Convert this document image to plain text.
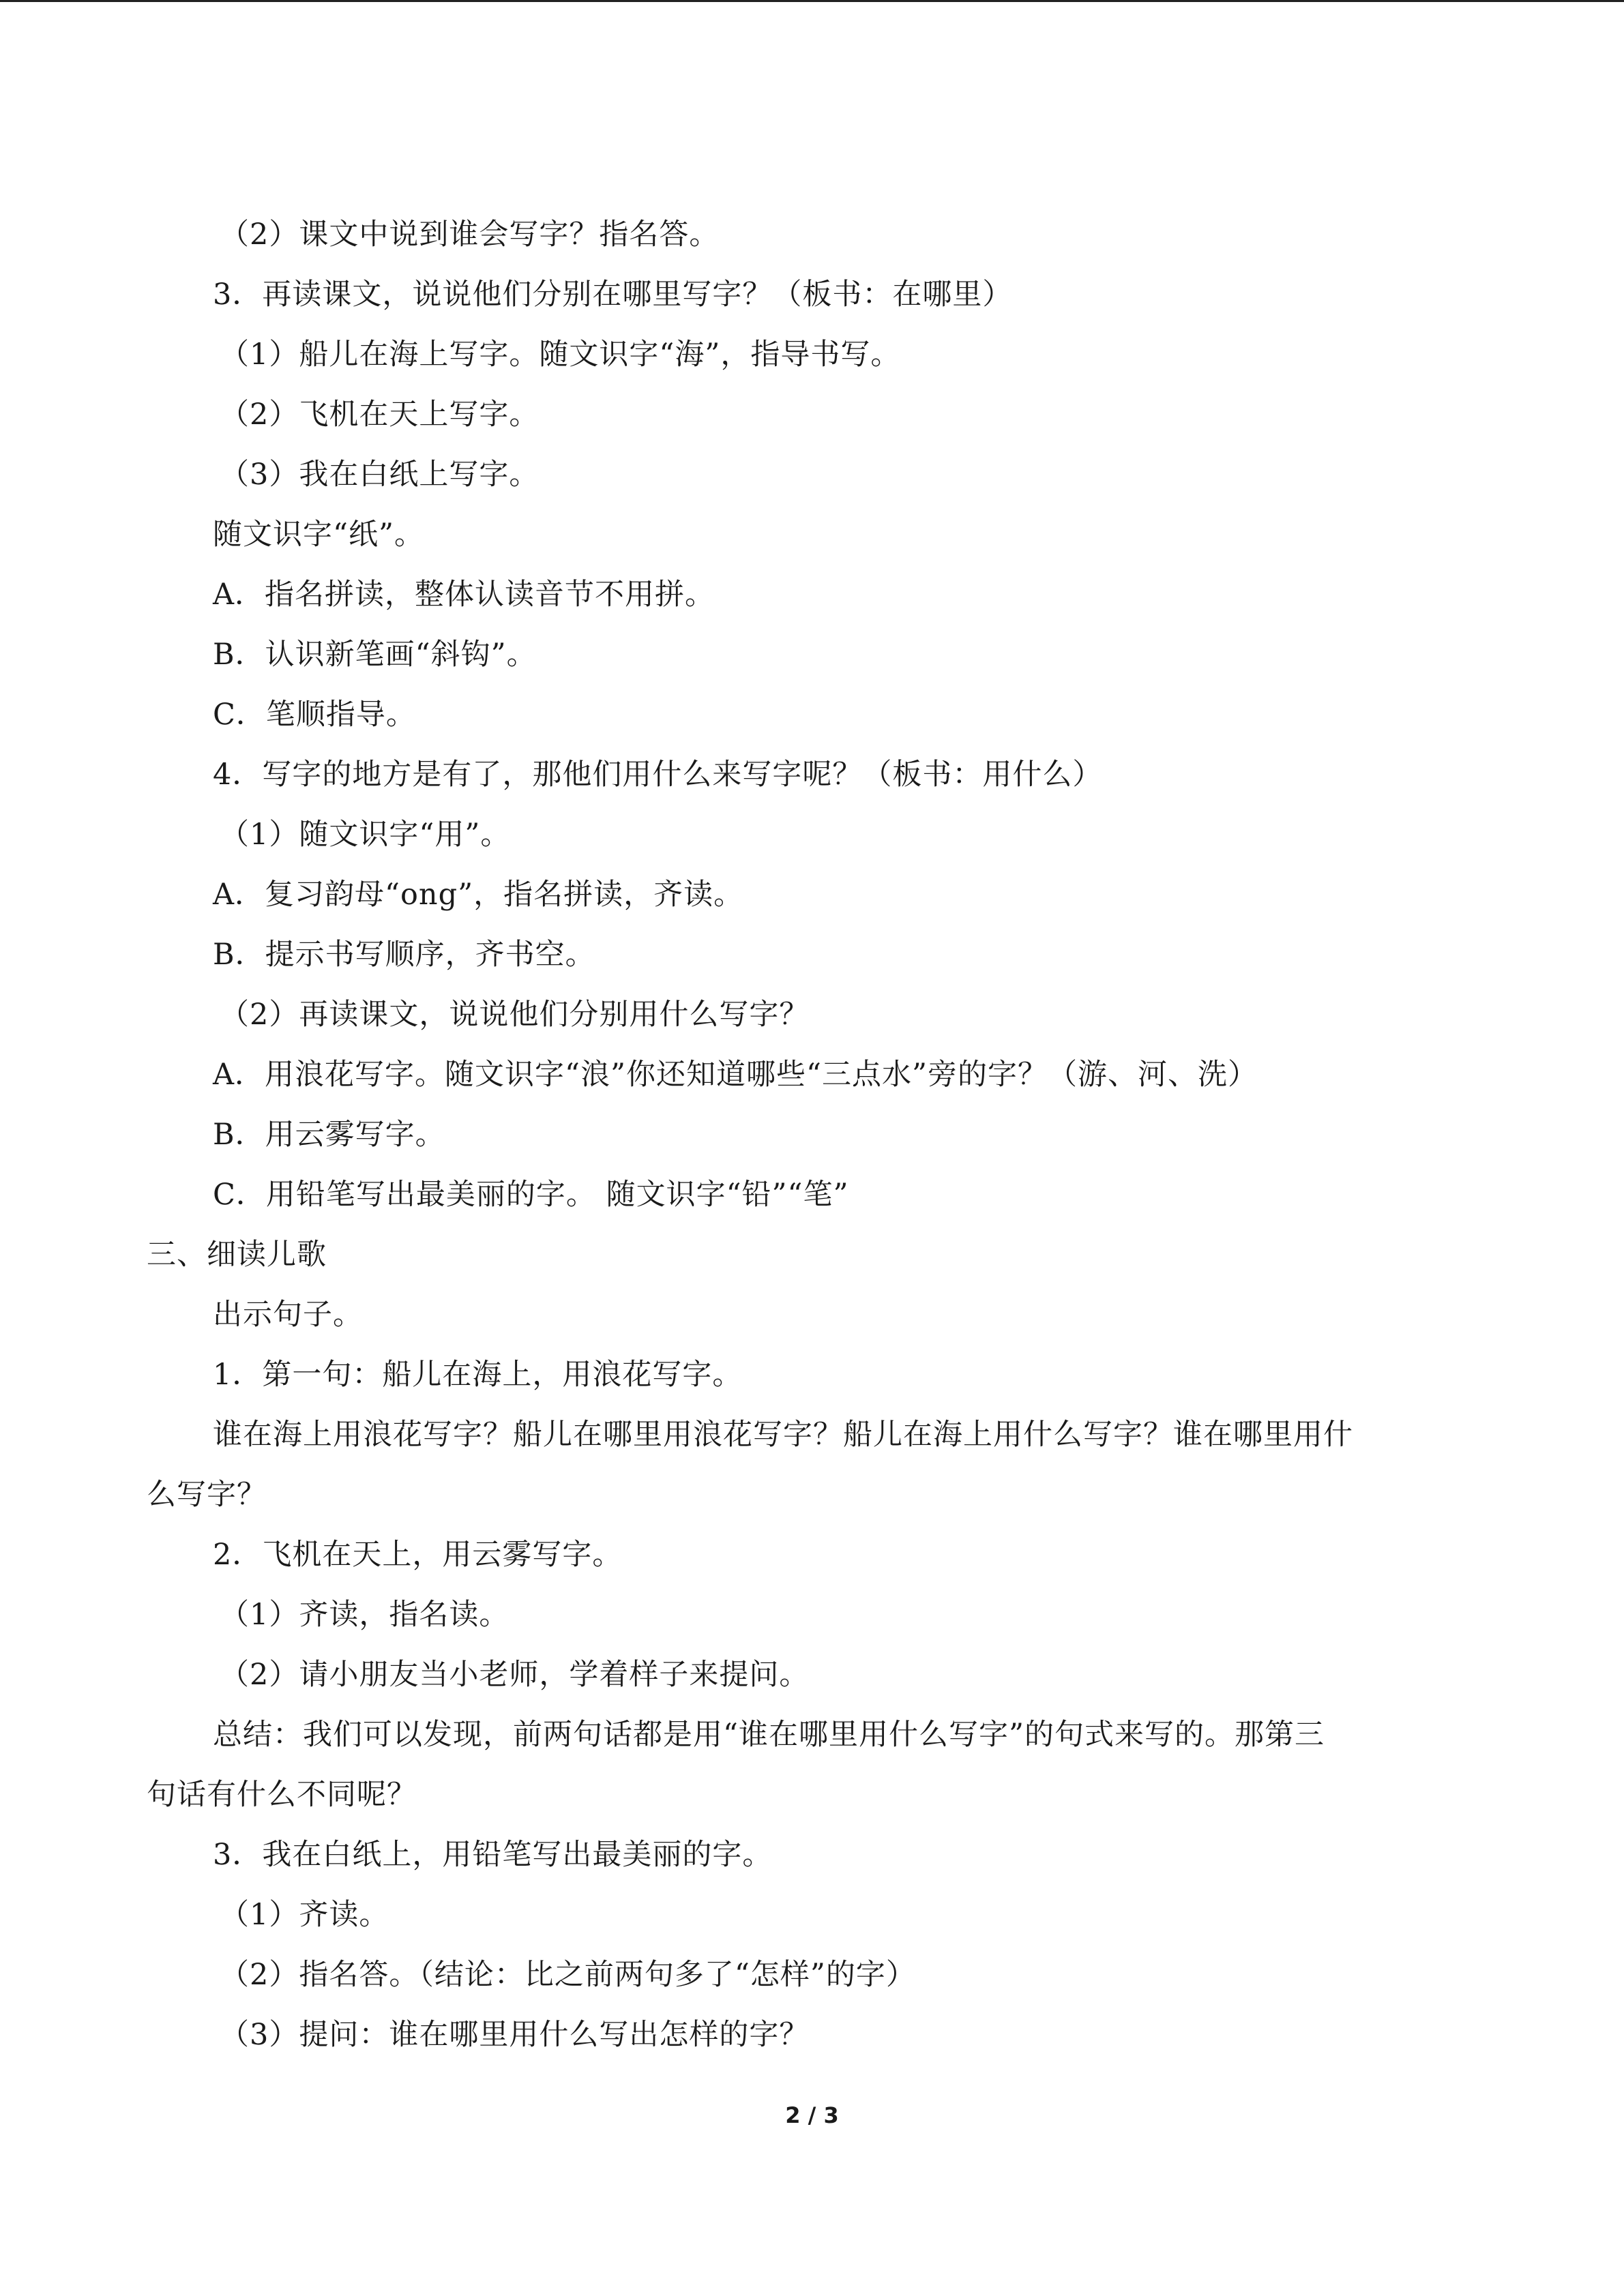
（2）课文中说到谁会写字？指名答。
3．再读课文，说说他们分别在哪里写字？（板书：在哪里）
（1）船儿在海上写字。随文识字“海”，指导书写。
（2）飞机在天上写字。
（3）我在白纸上写字。
随文识字“纸”。
A．指名拼读，整体认读音节不用拼。
B．认识新笔画“斜钩”。
C．笔顺指导。
4．写字的地方是有了，那他们用什么来写字呢？（板书：用什么）
（1）随文识字“用”。
A．复习韵母“ong”，指名拼读，齐读。
B．提示书写顺序，齐书空。
（2）再读课文，说说他们分别用什么写字？
A．用浪花写字。随文识字“浪”你还知道哪些“三点水”旁的字？（游、河、洗）
B．用云雾写字。
C．用铅笔写出最美丽的字。 随文识字“铅”“笔”
三、细读儿歌
出示句子。
1．第一句：船儿在海上，用浪花写字。
谁在海上用浪花写字？船儿在哪里用浪花写字？船儿在海上用什么写字？谁在哪里用什
么写字？
2．飞机在天上，用云雾写字。
（1）齐读，指名读。
（2）请小朋友当小老师，学着样子来提问。
总结：我们可以发现，前两句话都是用“谁在哪里用什么写字”的句式来写的。那第三
句话有什么不同呢？
3．我在白纸上，用铅笔写出最美丽的字。
（1）齐读。
（2）指名答。（结论：比之前两句多了“怎样”的字）
（3）提问：谁在哪里用什么写出怎样的字？
2 / 3
